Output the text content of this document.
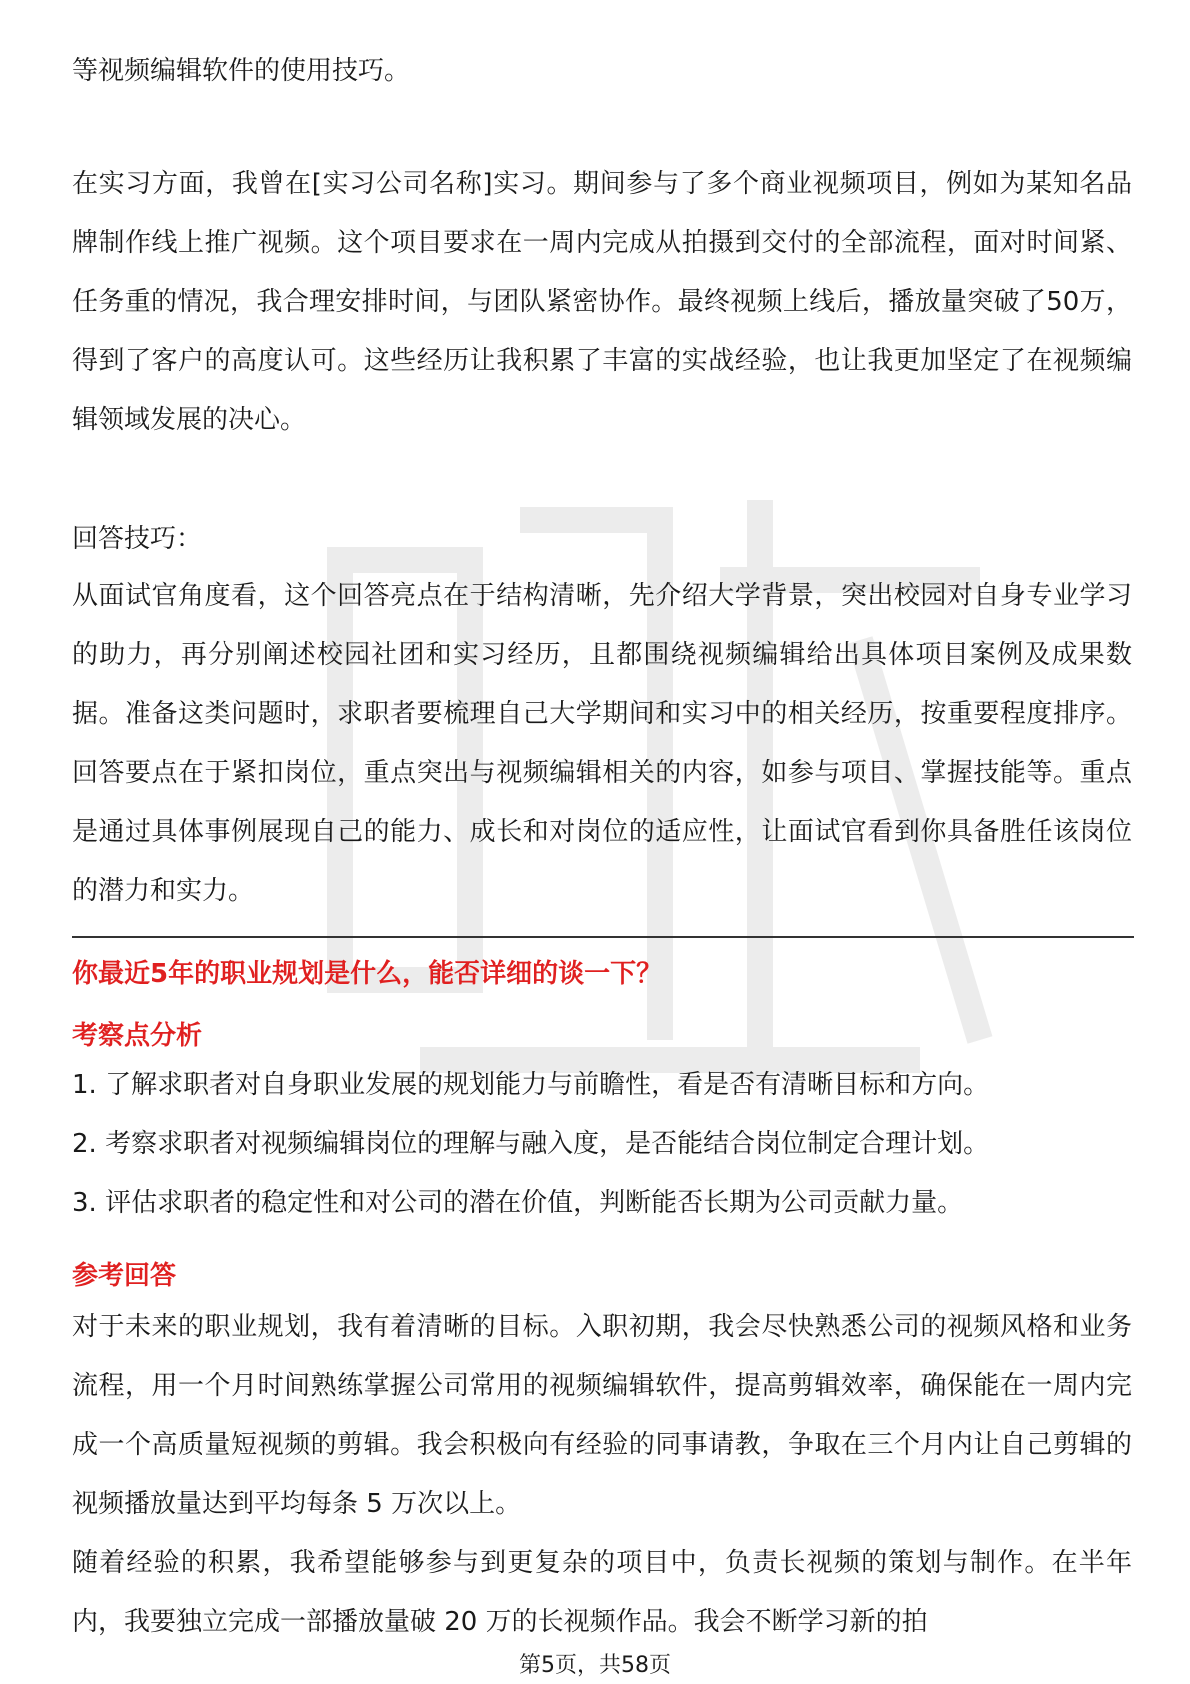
等视频编辑软件的使用技巧。

在实习方面，我曾在[实习公司名称]实习。期间参与了多个商业视频项目，例如为某知名品牌制作线上推广视频。这个项目要求在一周内完成从拍摄到交付的全部流程，面对时间紧、任务重的情况，我合理安排时间，与团队紧密协作。最终视频上线后，播放量突破了50万，得到了客户的高度认可。这些经历让我积累了丰富的实战经验，也让我更加坚定了在视频编辑领域发展的决心。

回答技巧：

从面试官角度看，这个回答亮点在于结构清晰，先介绍大学背景，突出校园对自身专业学习的助力，再分别阐述校园社团和实习经历，且都围绕视频编辑给出具体项目案例及成果数据。准备这类问题时，求职者要梳理自己大学期间和实习中的相关经历，按重要程度排序。回答要点在于紧扣岗位，重点突出与视频编辑相关的内容，如参与项目、掌握技能等。重点是通过具体事例展现自己的能力、成长和对岗位的适应性，让面试官看到你具备胜任该岗位的潜力和实力。

你最近5年的职业规划是什么，能否详细的谈一下？
考察点分析
1. 了解求职者对自身职业发展的规划能力与前瞻性，看是否有清晰目标和方向。
2. 考察求职者对视频编辑岗位的理解与融入度，是否能结合岗位制定合理计划。
3. 评估求职者的稳定性和对公司的潜在价值，判断能否长期为公司贡献力量。
参考回答

对于未来的职业规划，我有着清晰的目标。入职初期，我会尽快熟悉公司的视频风格和业务流程，用一个月时间熟练掌握公司常用的视频编辑软件，提高剪辑效率，确保能在一周内完成一个高质量短视频的剪辑。我会积极向有经验的同事请教，争取在三个月内让自己剪辑的视频播放量达到平均每条 5 万次以上。

随着经验的积累，我希望能够参与到更复杂的项目中，负责长视频的策划与制作。在半年内，我要独立完成一部播放量破 20 万的长视频作品。我会不断学习新的拍

第5页，共58页
